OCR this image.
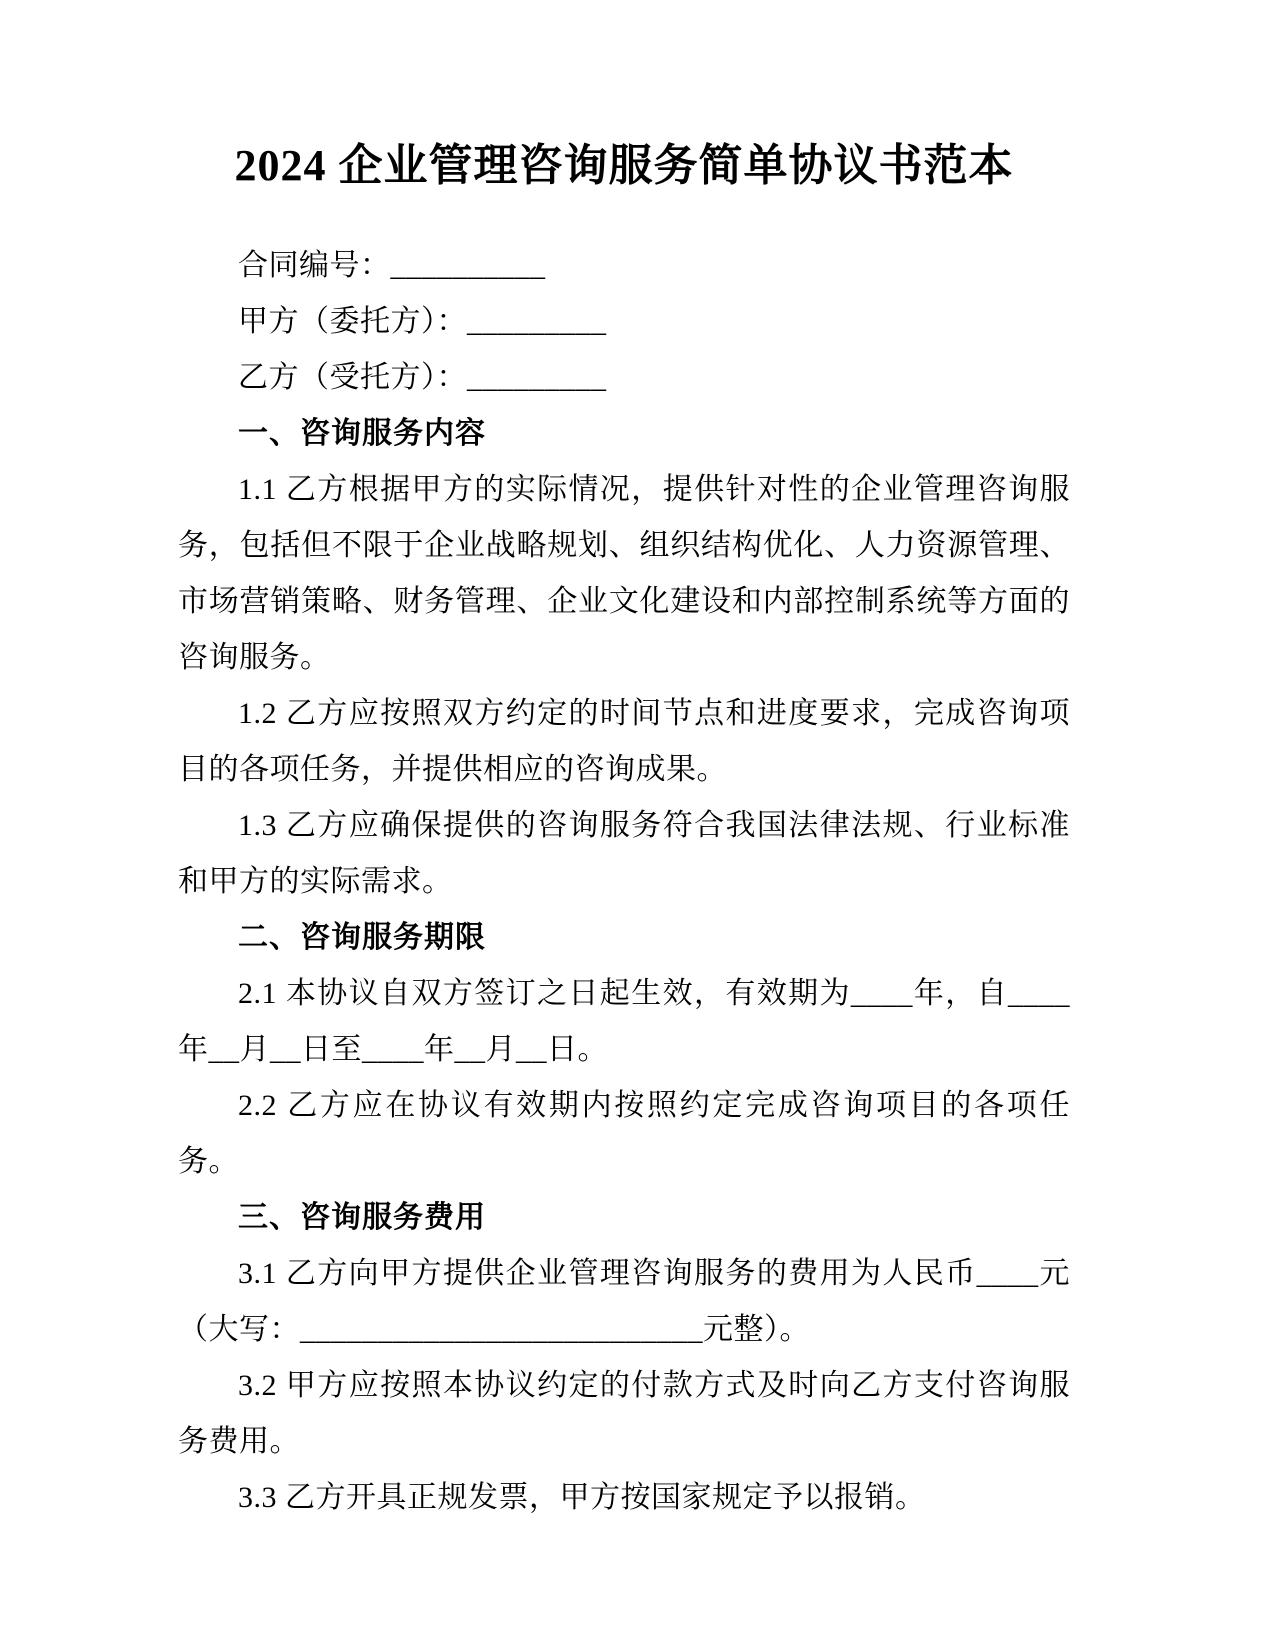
2024 企业管理咨询服务简单协议书范本

合同编号：__________

甲方（委托方）：_________

乙方（受托方）：_________

一、咨询服务内容

1.1 乙方根据甲方的实际情况，提供针对性的企业管理咨询服务，包括但不限于企业战略规划、组织结构优化、人力资源管理、市场营销策略、财务管理、企业文化建设和内部控制系统等方面的咨询服务。

1.2 乙方应按照双方约定的时间节点和进度要求，完成咨询项目的各项任务，并提供相应的咨询成果。

1.3 乙方应确保提供的咨询服务符合我国法律法规、行业标准和甲方的实际需求。

二、咨询服务期限

2.1 本协议自双方签订之日起生效，有效期为____年，自____年__月__日至____年__月__日。

2.2 乙方应在协议有效期内按照约定完成咨询项目的各项任务。

三、咨询服务费用

3.1 乙方向甲方提供企业管理咨询服务的费用为人民币____元（大写：__________________________元整）。

3.2 甲方应按照本协议约定的付款方式及时向乙方支付咨询服务费用。

3.3 乙方开具正规发票，甲方按国家规定予以报销。
